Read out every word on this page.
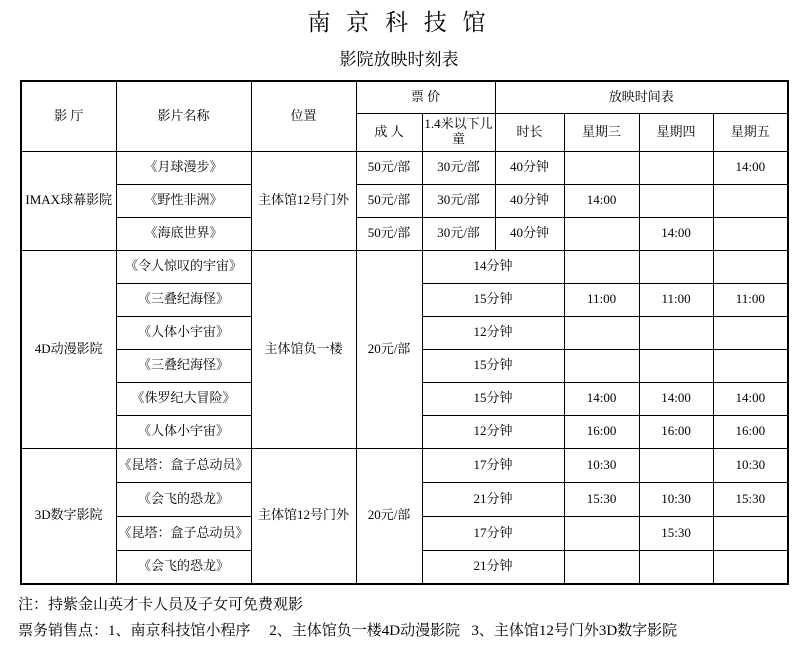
南 京 科 技 馆
影院放映时刻表
影 厅	影片名称	位置	票 价		放映时间表			
			成 人	1.4米以下儿童	时长	星期三	星期四	星期五
IMAX球幕影院	《月球漫步》	主体馆12号门外	50元/部	30元/部	40分钟			14:00
	《野性非洲》		50元/部	30元/部	40分钟	14:00		
	《海底世界》		50元/部	30元/部	40分钟		14:00	
4D动漫影院	《令人惊叹的宇宙》	主体馆负一楼	20元/部	14分钟				
	《三叠纪海怪》			15分钟		11:00	11:00	11:00
	《人体小宇宙》			12分钟				
	《三叠纪海怪》			15分钟				
	《侏罗纪大冒险》			15分钟		14:00	14:00	14:00
	《人体小宇宙》			12分钟		16:00	16:00	16:00
3D数字影院	《昆塔：盒子总动员》	主体馆12号门外	20元/部	17分钟		10:30		10:30
	《会飞的恐龙》			21分钟		15:30	10:30	15:30
	《昆塔：盒子总动员》			17分钟			15:30	
	《会飞的恐龙》			21分钟				
注：持紫金山英才卡人员及子女可免费观影
票务销售点：1、南京科技馆小程序     2、主体馆负一楼4D动漫影院   3、主体馆12号门外3D数字影院
